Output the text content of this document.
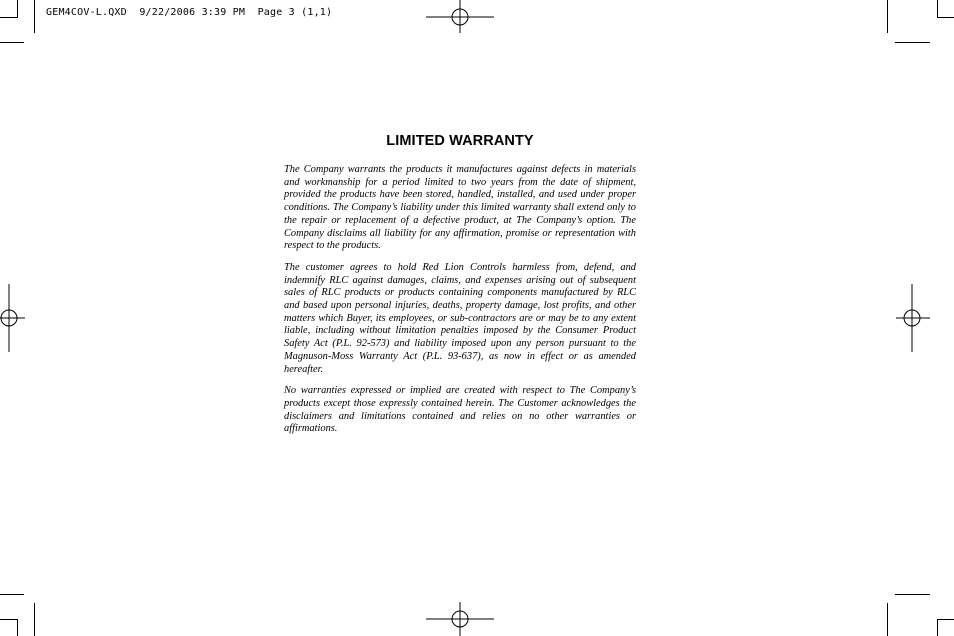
GEM4COV-L.QXD 9/22/2006 3:39 PM Page 3 (1,1)
LIMITED WARRANTY

The Company warrants the products it manufactures against defects in materials and workmanship for a period limited to two years from the date of shipment, provided the products have been stored, handled, installed, and used under proper conditions. The Company’s liability under this limited warranty shall extend only to the repair or replacement of a defective product, at The Company’s option. The Company disclaims all liability for any affirmation, promise or representation with respect to the products.

The customer agrees to hold Red Lion Controls harmless from, defend, and indemnify RLC against damages, claims, and expenses arising out of subsequent sales of RLC products or products containing components manufactured by RLC and based upon personal injuries, deaths, property damage, lost profits, and other matters which Buyer, its employees, or sub-contractors are or may be to any extent liable, including without limitation penalties imposed by the Consumer Product Safety Act (P.L. 92-573) and liability imposed upon any person pursuant to the Magnuson-Moss Warranty Act (P.L. 93-637), as now in effect or as amended hereafter.

No warranties expressed or implied are created with respect to The Company’s products except those expressly contained herein. The Customer acknowledges the disclaimers and limitations contained and relies on no other warranties or affirmations.
